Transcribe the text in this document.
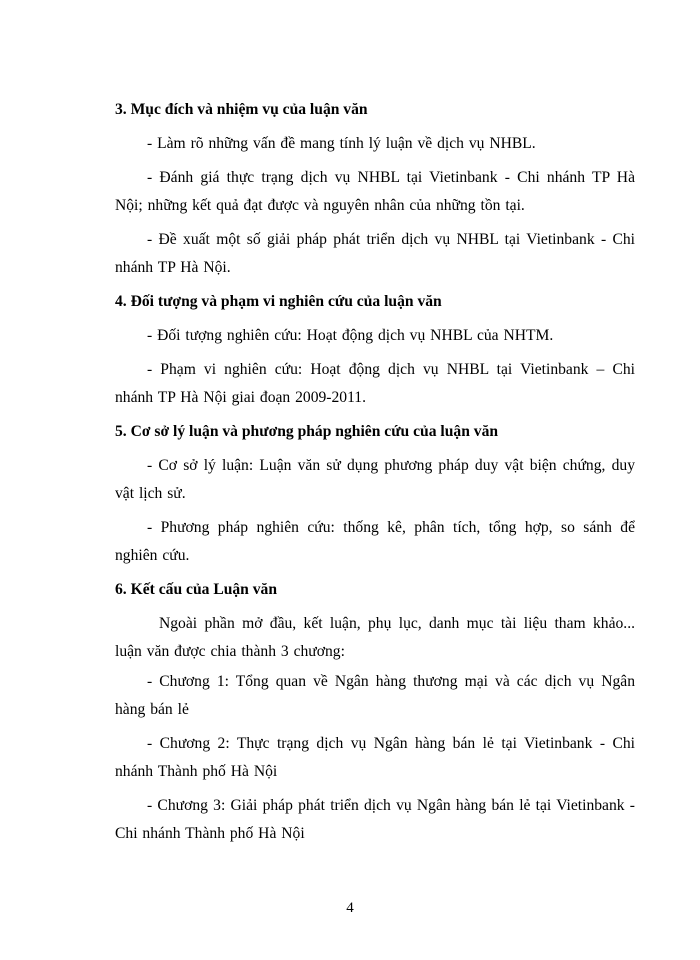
3. Mục đích và nhiệm vụ của luận văn

- Làm rõ những vấn đề mang tính lý luận về dịch vụ NHBL.

- Đánh giá thực trạng dịch vụ NHBL tại Vietinbank - Chi nhánh TP Hà Nội; những kết quả đạt được và nguyên nhân của những tồn tại.

- Đề xuất một số giải pháp phát triển dịch vụ NHBL tại Vietinbank - Chi nhánh TP Hà Nội.

4. Đối tượng và phạm vi nghiên cứu của luận văn

- Đối tượng nghiên cứu: Hoạt động dịch vụ NHBL của NHTM.

- Phạm vi nghiên cứu: Hoạt động dịch vụ NHBL tại Vietinbank – Chi nhánh TP Hà Nội giai đoạn 2009-2011.

5. Cơ sở lý luận và phương pháp nghiên cứu của luận văn

- Cơ sở lý luận: Luận văn sử dụng phương pháp duy vật biện chứng, duy vật lịch sử.

- Phương pháp nghiên cứu: thống kê, phân tích, tổng hợp, so sánh để nghiên cứu.

6. Kết cấu của Luận văn

Ngoài phần mở đầu, kết luận, phụ lục, danh mục tài liệu tham khảo... luận văn được chia thành 3 chương:

- Chương 1: Tổng quan về Ngân hàng thương mại và các dịch vụ Ngân hàng bán lẻ

- Chương 2: Thực trạng dịch vụ Ngân hàng bán lẻ tại Vietinbank - Chi nhánh Thành phố Hà Nội

- Chương 3: Giải pháp phát triển dịch vụ Ngân hàng bán lẻ tại Vietinbank - Chi nhánh Thành phố Hà Nội

4
